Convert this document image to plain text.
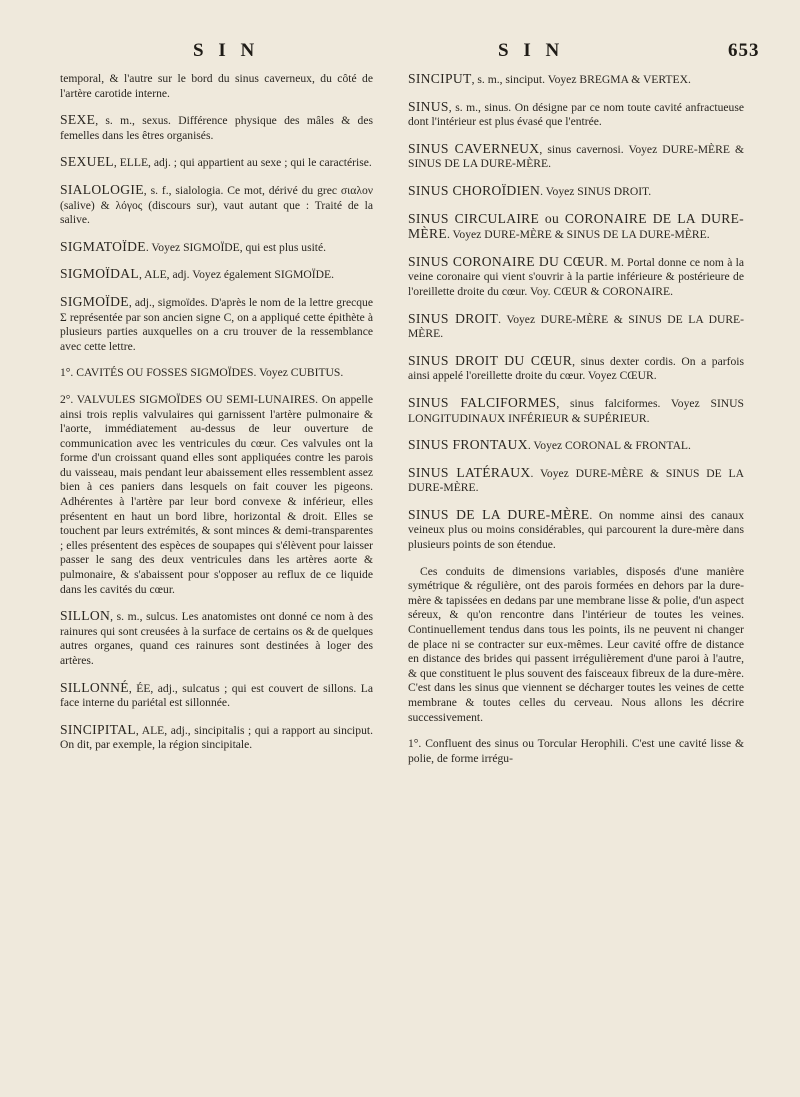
S I N	S I N	653

temporal, & l'autre sur le bord du sinus caverneux, du côté de l'artère carotide interne.

SEXE, s. m., sexus. Différence physique des mâles & des femelles dans les êtres organisés.

SEXUEL, ELLE, adj. ; qui appartient au sexe ; qui le caractérise.

SIALOLOGIE, s. f., sialologia. Ce mot, dérivé du grec σιαλον (salive) & λόγος (discours sur), vaut autant que : Traité de la salive.

SIGMATOÏDE. Voyez SIGMOÏDE, qui est plus usité.

SIGMOÏDAL, ALE, adj. Voyez également SIGMOÏDE.

SIGMOÏDE, adj., sigmoïdes. D'après le nom de la lettre grecque Σ représentée par son ancien signe C, on a appliqué cette épithète à plusieurs parties auxquelles on a cru trouver de la ressemblance avec cette lettre.

1°. CAVITÉS OU FOSSES SIGMOÏDES. Voyez CUBITUS.

2°. VALVULES SIGMOÏDES OU SEMI-LUNAIRES. On appelle ainsi trois replis valvulaires qui garnissent l'artère pulmonaire & l'aorte, immédiatement au-dessus de leur ouverture de communication avec les ventricules du cœur. Ces valvules ont la forme d'un croissant quand elles sont appliquées contre les parois du vaisseau, mais pendant leur abaissement elles ressemblent assez bien à ces paniers dans lesquels on fait couver les pigeons. Adhérentes à l'artère par leur bord convexe & inférieur, elles présentent en haut un bord libre, horizontal & droit. Elles se touchent par leurs extrémités, & sont minces & demi-transparentes ; elles présentent des espèces de soupapes qui s'élèvent pour laisser passer le sang des deux ventricules dans les artères aorte & pulmonaire, & s'abaissent pour s'opposer au reflux de ce liquide dans les cavités du cœur.

SILLON, s. m., sulcus. Les anatomistes ont donné ce nom à des rainures qui sont creusées à la surface de certains os & de quelques autres organes, quand ces rainures sont destinées à loger des artères.

SILLONNÉ, ÉE, adj., sulcatus ; qui est couvert de sillons. La face interne du pariétal est sillonnée.

SINCIPITAL, ALE, adj., sincipitalis ; qui a rapport au sinciput. On dit, par exemple, la région sincipitale.

SINCIPUT, s. m., sinciput. Voyez BREGMA & VERTEX.

SINUS, s. m., sinus. On désigne par ce nom toute cavité anfractueuse dont l'intérieur est plus évasé que l'entrée.

SINUS CAVERNEUX, sinus cavernosi. Voyez DURE-MÈRE & SINUS DE LA DURE-MÈRE.

SINUS CHOROÏDIEN. Voyez SINUS DROIT.

SINUS CIRCULAIRE ou CORONAIRE DE LA DURE-MÈRE. Voyez DURE-MÈRE & SINUS DE LA DURE-MÈRE.

SINUS CORONAIRE DU CŒUR. M. Portal donne ce nom à la veine coronaire qui vient s'ouvrir à la partie inférieure & postérieure de l'oreillette droite du cœur. Voy. CŒUR & CORONAIRE.

SINUS DROIT. Voyez DURE-MÈRE & SINUS DE LA DURE-MÈRE.

SINUS DROIT DU CŒUR, sinus dexter cordis. On a parfois ainsi appelé l'oreillette droite du cœur. Voyez CŒUR.

SINUS FALCIFORMES, sinus falciformes. Voyez SINUS LONGITUDINAUX INFÉRIEUR & SUPÉRIEUR.

SINUS FRONTAUX. Voyez CORONAL & FRONTAL.

SINUS LATÉRAUX. Voyez DURE-MÈRE & SINUS DE LA DURE-MÈRE.

SINUS DE LA DURE-MÈRE. On nomme ainsi des canaux veineux plus ou moins considérables, qui parcourent la dure-mère dans plusieurs points de son étendue.

Ces conduits de dimensions variables, disposés d'une manière symétrique & régulière, ont des parois formées en dehors par la dure-mère & tapissées en dedans par une membrane lisse & polie, d'un aspect séreux, & qu'on rencontre dans l'intérieur de toutes les veines. Continuellement tendus dans tous les points, ils ne peuvent ni changer de place ni se contracter sur eux-mêmes. Leur cavité offre de distance en distance des brides qui passent irrégulièrement d'une paroi à l'autre, & que constituent le plus souvent des faisceaux fibreux de la dure-mère. C'est dans les sinus que viennent se décharger toutes les veines de cette membrane & toutes celles du cerveau. Nous allons les décrire successivement.

1°. Confluent des sinus ou Torcular Herophili. C'est une cavité lisse & polie, de forme irrégu-
